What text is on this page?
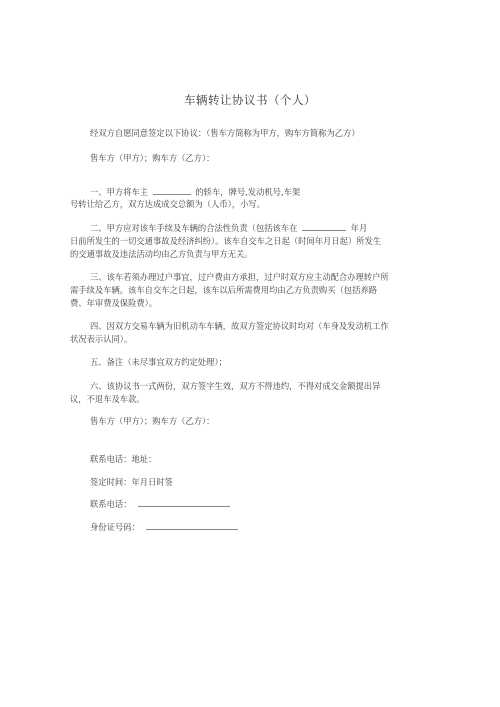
车辆转让协议书（个人）
经双方自愿同意签定以下协议：（售车方简称为甲方，购车方简称为乙方）
售车方（甲方）；购车方（乙方）：
一、甲方将车主	的轿车，牌号,发动机号,车架
号转让给乙方，双方达成成交总额为（人币），小写。
二、甲方应对该车手续及车辆的合法性负责（包括该车在	年月
日前所发生的一切交通事故及经济纠纷）。该车自交车之日起（时间年月日起）所发生
的交通事故及违法活动均由乙方负责与甲方无关。
三、该车若须办理过户事宜，过户费由方承担，过户时双方应主动配合办理转户所
需手续及车辆。该车自交车之日起，该车以后所需费用均由乙方负责购买（包括养路
费、年审费及保险费）。
四、因双方交易车辆为旧机动车车辆，故双方签定协议时均对（车身及发动机工作
状况表示认同）。
五、备注（未尽事宜双方约定处理）；
六、该协议书一式两份，双方签字生效，双方不得违约，不得对成交金额提出异
议，不退车及车款。
售车方（甲方）；购车方（乙方）：
联系电话：地址：
签定时间：年月日时签
联系电话：
身份证号码：
